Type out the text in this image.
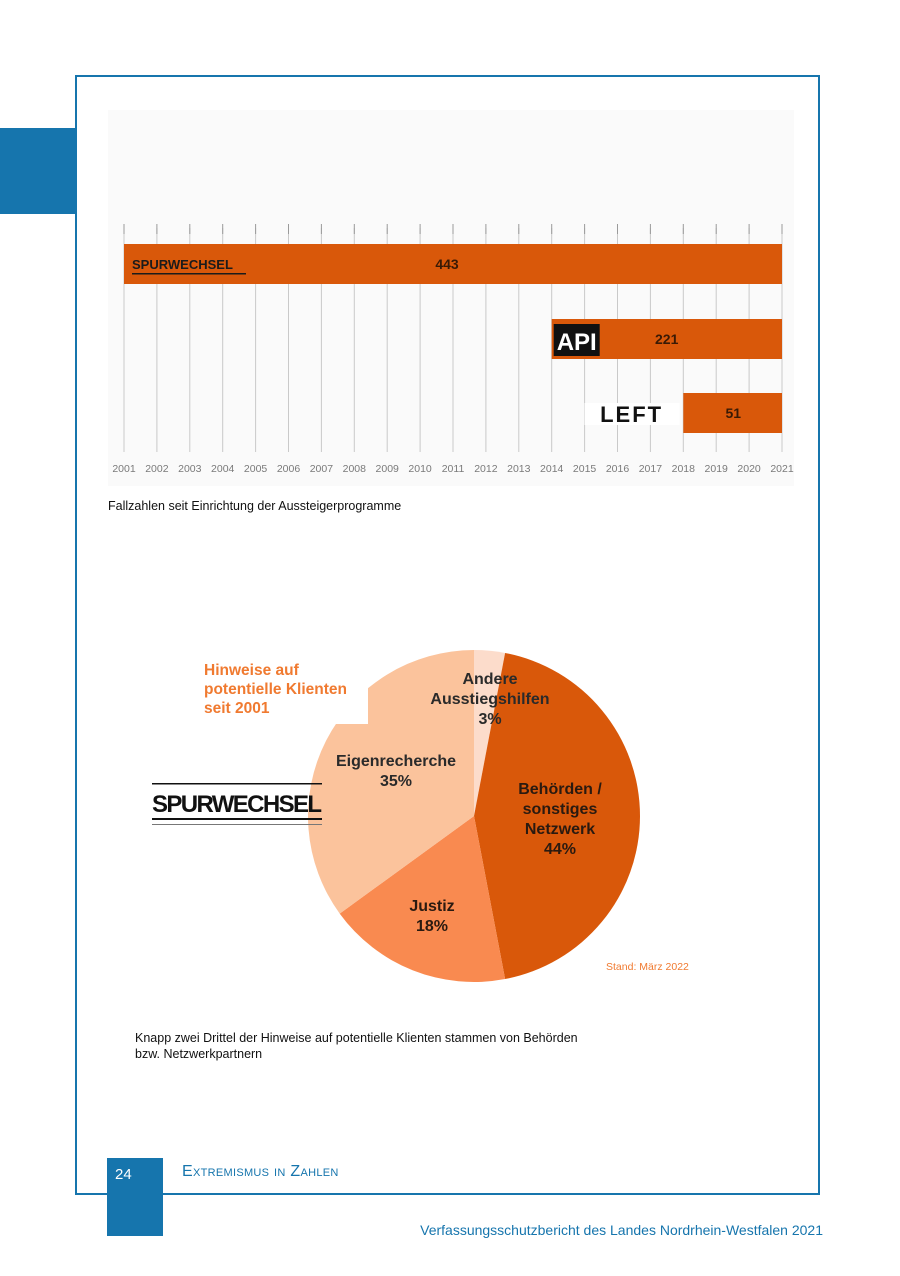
2001 2002 2003 2004 2005 2006 2007 2008 2009 2010 2011 2012 2013 2014 2015 2016 2017 2018 2019 2020 2021
443
221
51
SPURWECHSEL
API
LEFT
Fallzahlen seit Einrichtung der Aussteigerprogramme
Andere Ausstiegshilfen 3%
Behörden / sonstiges Netzwerk 44%
Justiz 18%
Eigenrecherche 35%
Hinweise auf potentielle Klienten seit 2001
SPURWECHSEL
Stand: März 2022
Knapp zwei Drittel der Hinweise auf potentielle Klienten stammen von Behörden bzw. Netzwerkpartnern
24	Extremismus in Zahlen
Verfassungsschutzbericht des Landes Nordrhein-Westfalen 2021
